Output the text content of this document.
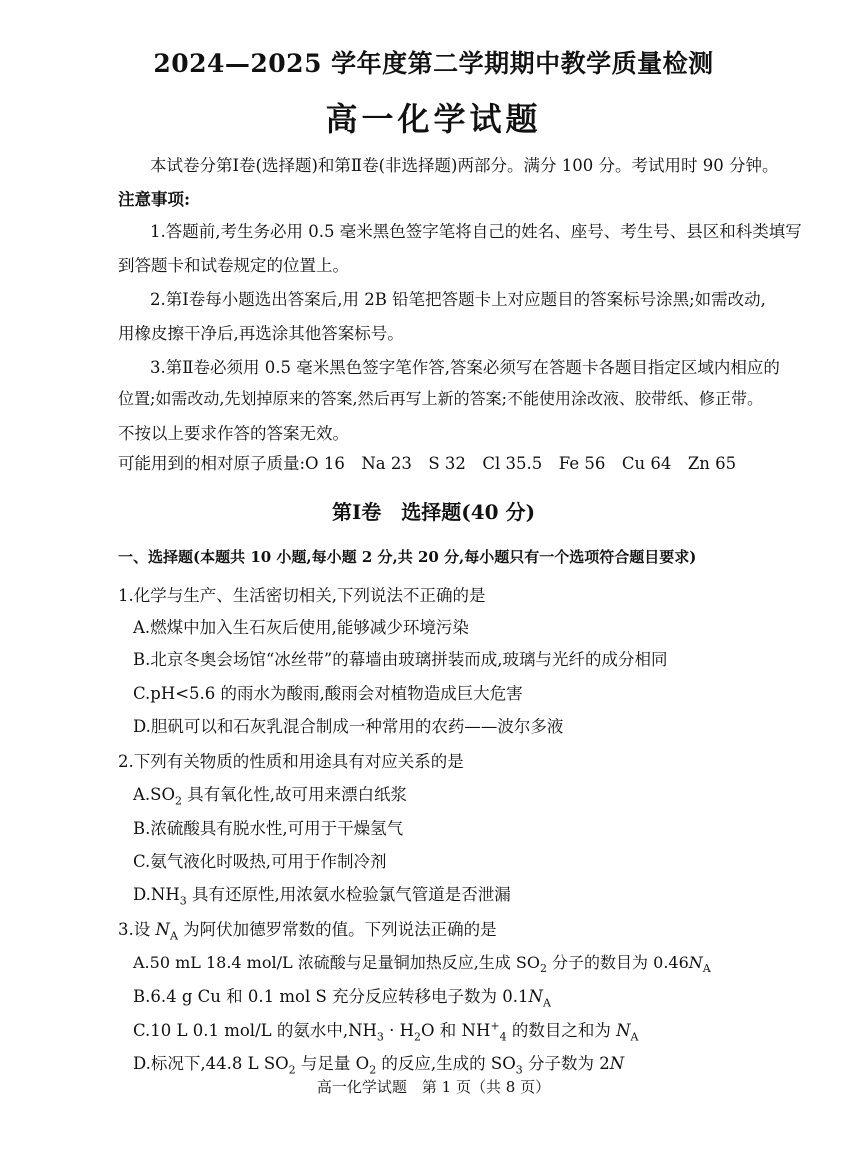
2024—2025 学年度第二学期期中教学质量检测
高一化学试题
本试卷分第Ⅰ卷(选择题)和第Ⅱ卷(非选择题)两部分。满分 100 分。考试用时 90 分钟。
注意事项:
1.答题前,考生务必用 0.5 毫米黑色签字笔将自己的姓名、座号、考生号、县区和科类填写
到答题卡和试卷规定的位置上。
2.第Ⅰ卷每小题选出答案后,用 2B 铅笔把答题卡上对应题目的答案标号涂黑;如需改动,
用橡皮擦干净后,再选涂其他答案标号。
3.第Ⅱ卷必须用 0.5 毫米黑色签字笔作答,答案必须写在答题卡各题目指定区域内相应的
位置;如需改动,先划掉原来的答案,然后再写上新的答案;不能使用涂改液、胶带纸、修正带。
不按以上要求作答的答案无效。
可能用到的相对原子质量:O 16　Na 23　S 32　Cl 35.5　Fe 56　Cu 64　Zn 65
第Ⅰ卷　选择题(40 分)
一、选择题(本题共 10 小题,每小题 2 分,共 20 分,每小题只有一个选项符合题目要求)
1.化学与生产、生活密切相关,下列说法不正确的是
A.燃煤中加入生石灰后使用,能够减少环境污染
B.北京冬奥会场馆“冰丝带”的幕墙由玻璃拼装而成,玻璃与光纤的成分相同
C.pH<5.6 的雨水为酸雨,酸雨会对植物造成巨大危害
D.胆矾可以和石灰乳混合制成一种常用的农药——波尔多液
2.下列有关物质的性质和用途具有对应关系的是
$A.SO_2$ 具有氧化性,故可用来漂白纸浆
B.浓硫酸具有脱水性,可用于干燥氢气
C.氨气液化时吸热,可用于作制冷剂
$D.NH_3$ 具有还原性,用浓氨水检验氯气管道是否泄漏
3.设 $N_A$ 为阿伏加德罗常数的值。下列说法正确的是
A.50 mL 18.4 mol/L 浓硫酸与足量铜加热反应,生成 $SO_2$ 分子的数目为 $0.46N_A$
B.6.4 g Cu 和 0.1 mol S 充分反应转移电子数为 $0.1N_A$
C.10 L 0.1 mol/L 的氨水中$,NH_3 \cdot H_2O$ 和 $NH^+_4$ 的数目之和为 $N_A$
D.标况下,44.8 L $SO_2$ 与足量 $O_2$ 的反应,生成的 $SO_3$ 分子数为 2N
高一化学试题　第 1 页（共 8 页）
